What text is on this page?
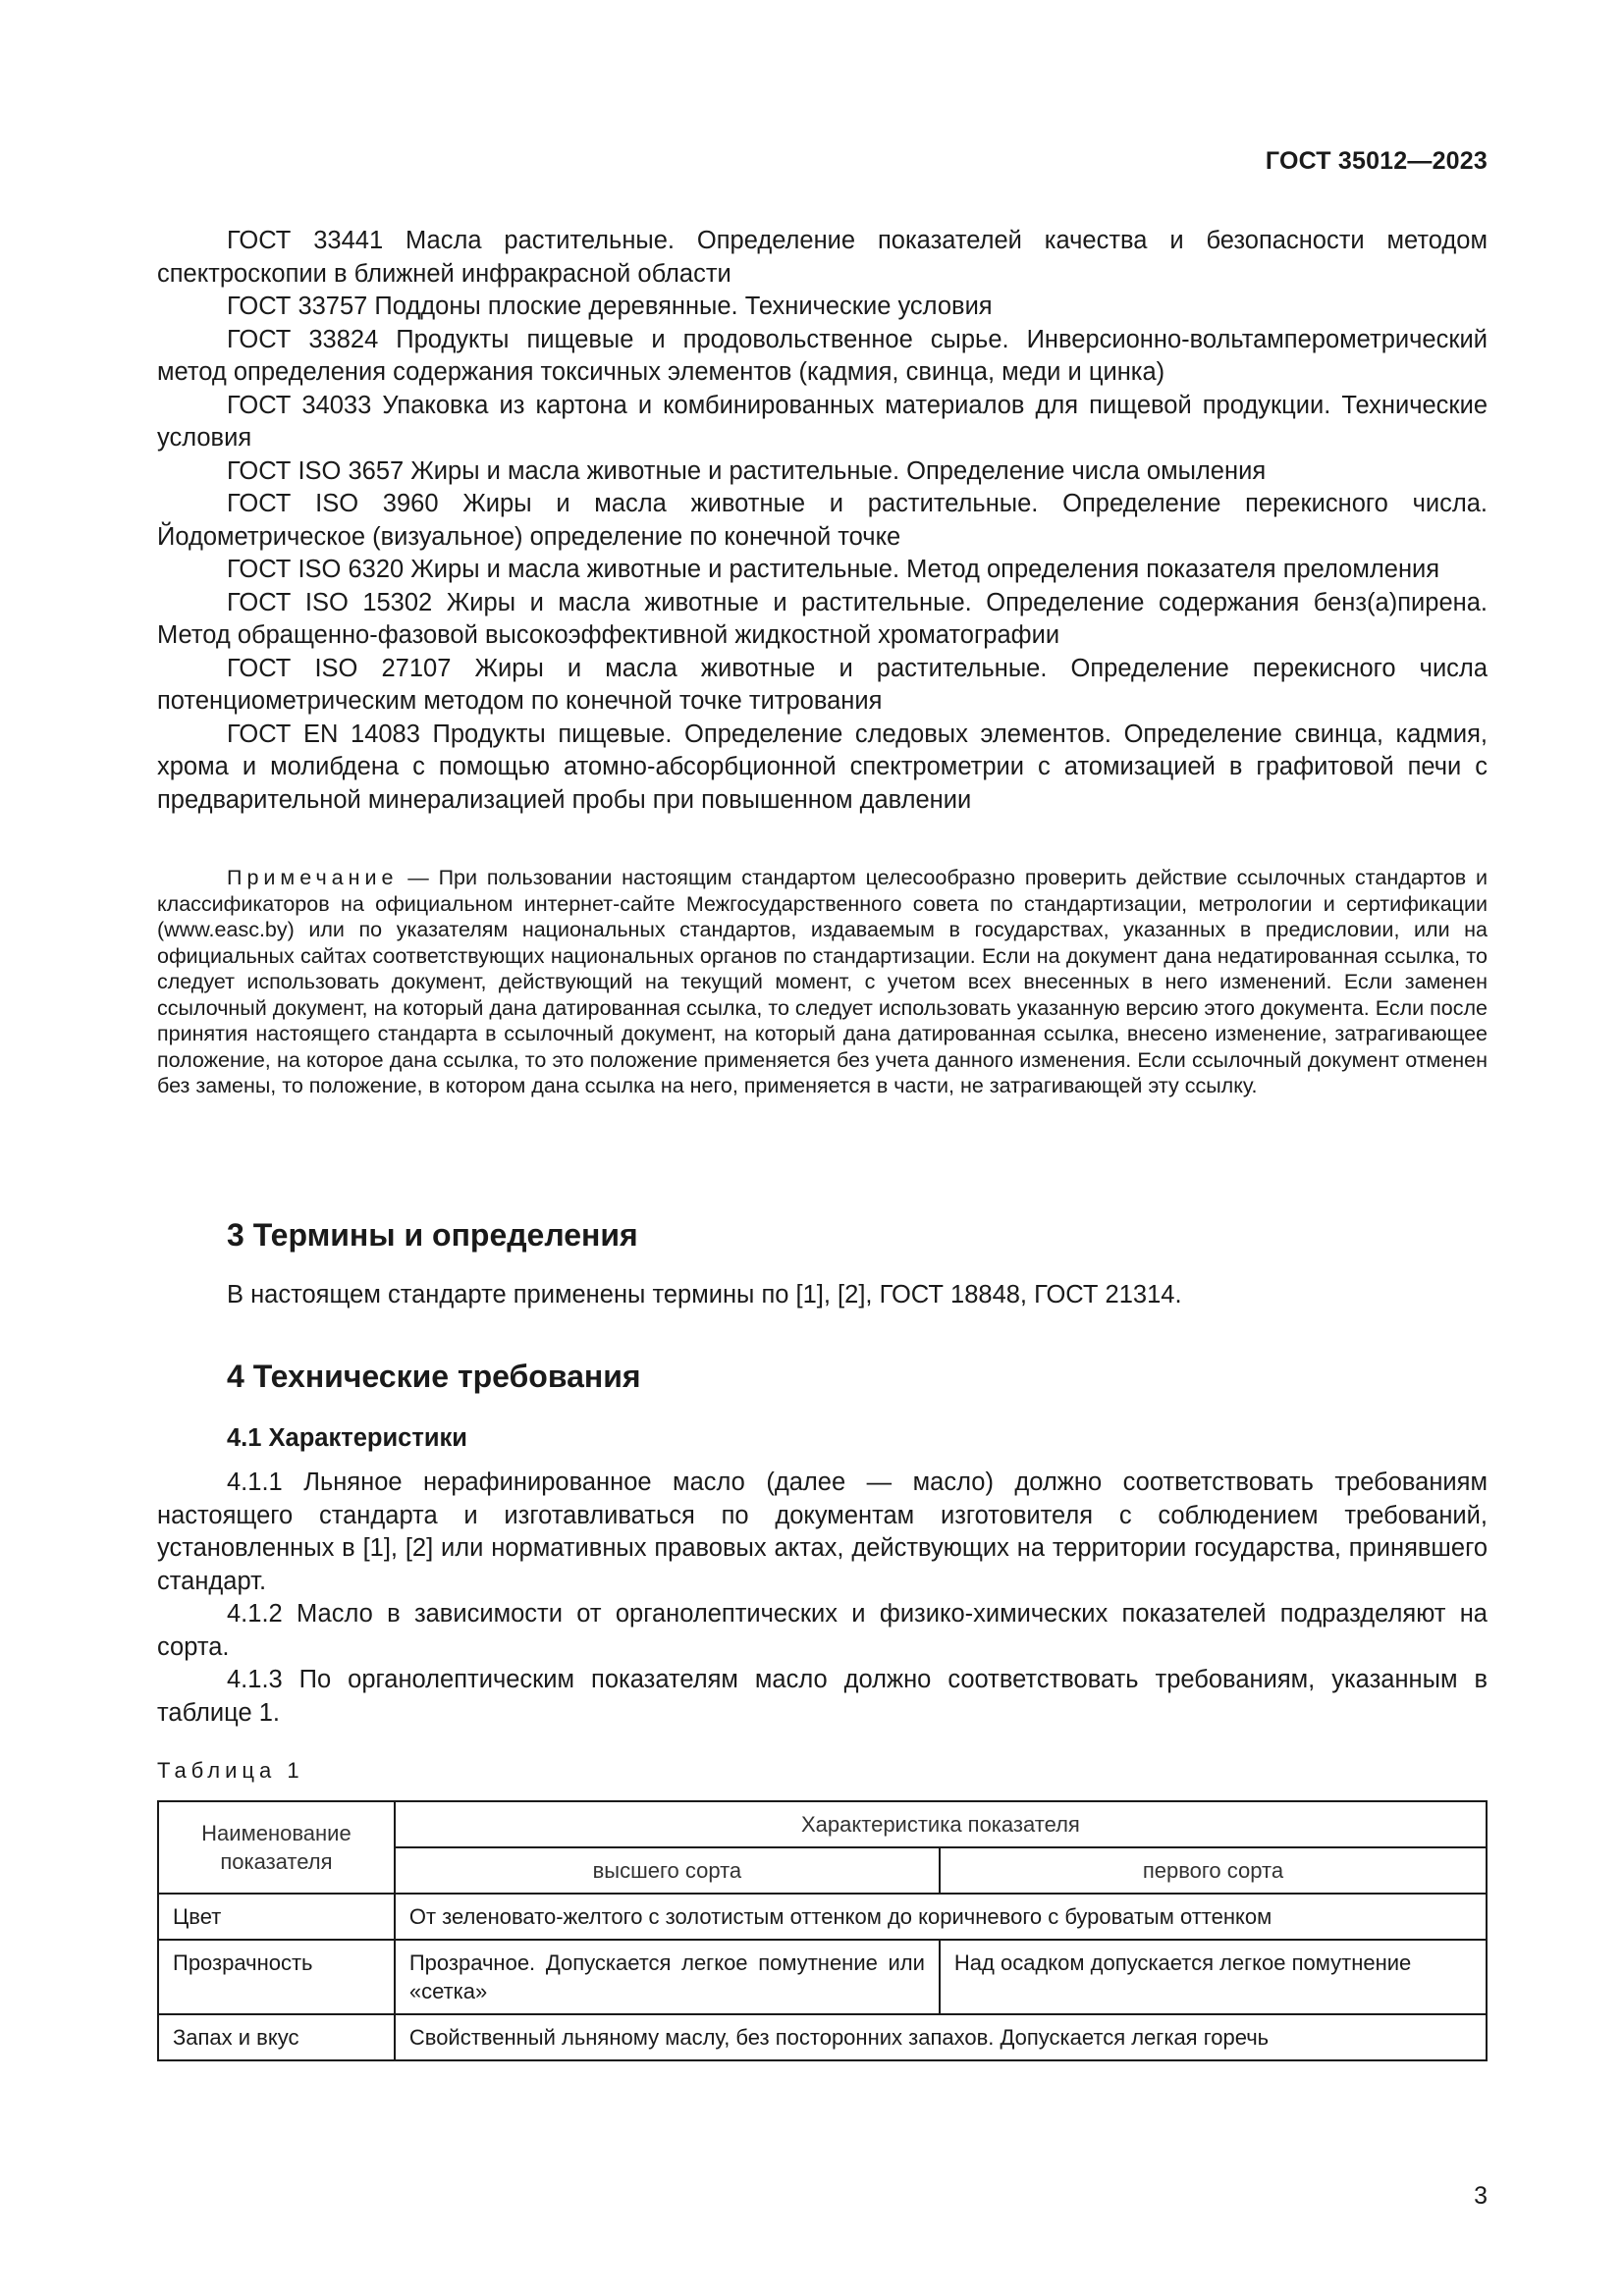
ГОСТ 35012—2023

ГОСТ 33441 Масла растительные. Определение показателей качества и безопасности методом спектроскопии в ближней инфракрасной области

ГОСТ 33757 Поддоны плоские деревянные. Технические условия

ГОСТ 33824 Продукты пищевые и продовольственное сырье. Инверсионно-вольтамперометрический метод определения содержания токсичных элементов (кадмия, свинца, меди и цинка)

ГОСТ 34033 Упаковка из картона и комбинированных материалов для пищевой продукции. Технические условия

ГОСТ ISO 3657 Жиры и масла животные и растительные. Определение числа омыления

ГОСТ ISO 3960 Жиры и масла животные и растительные. Определение перекисного числа. Йодометрическое (визуальное) определение по конечной точке

ГОСТ ISO 6320 Жиры и масла животные и растительные. Метод определения показателя преломления

ГОСТ ISO 15302 Жиры и масла животные и растительные. Определение содержания бенз(а)пирена. Метод обращенно-фазовой высокоэффективной жидкостной хроматографии

ГОСТ ISO 27107 Жиры и масла животные и растительные. Определение перекисного числа потенциометрическим методом по конечной точке титрования

ГОСТ EN 14083 Продукты пищевые. Определение следовых элементов. Определение свинца, кадмия, хрома и молибдена с помощью атомно-абсорбционной спектрометрии с атомизацией в графитовой печи с предварительной минерализацией пробы при повышенном давлении

Примечание — При пользовании настоящим стандартом целесообразно проверить действие ссылочных стандартов и классификаторов на официальном интернет-сайте Межгосударственного совета по стандартизации, метрологии и сертификации (www.easc.by) или по указателям национальных стандартов, издаваемым в государствах, указанных в предисловии, или на официальных сайтах соответствующих национальных органов по стандартизации. Если на документ дана недатированная ссылка, то следует использовать документ, действующий на текущий момент, с учетом всех внесенных в него изменений. Если заменен ссылочный документ, на который дана датированная ссылка, то следует использовать указанную версию этого документа. Если после принятия настоящего стандарта в ссылочный документ, на который дана датированная ссылка, внесено изменение, затрагивающее положение, на которое дана ссылка, то это положение применяется без учета данного изменения. Если ссылочный документ отменен без замены, то положение, в котором дана ссылка на него, применяется в части, не затрагивающей эту ссылку.

3 Термины и определения

В настоящем стандарте применены термины по [1], [2], ГОСТ 18848, ГОСТ 21314.

4 Технические требования
4.1 Характеристики

4.1.1 Льняное нерафинированное масло (далее — масло) должно соответствовать требованиям настоящего стандарта и изготавливаться по документам изготовителя с соблюдением требований, установленных в [1], [2] или нормативных правовых актах, действующих на территории государства, принявшего стандарт.

4.1.2 Масло в зависимости от органолептических и физико-химических показателей подразделяют на сорта.

4.1.3 По органолептическим показателям масло должно соответствовать требованиям, указанным в таблице 1.

Таблица 1
Наименование показателя	Характеристика показателя	
	высшего сорта	первого сорта
Цвет	От зеленовато-желтого с золотистым оттенком до коричневого с буроватым оттенком	
Прозрачность	Прозрачное. Допускается легкое помутнение или «сетка»	Над осадком допускается легкое помутнение
Запах и вкус	Свойственный льняному маслу, без посторонних запахов. Допускается легкая горечь	
3
